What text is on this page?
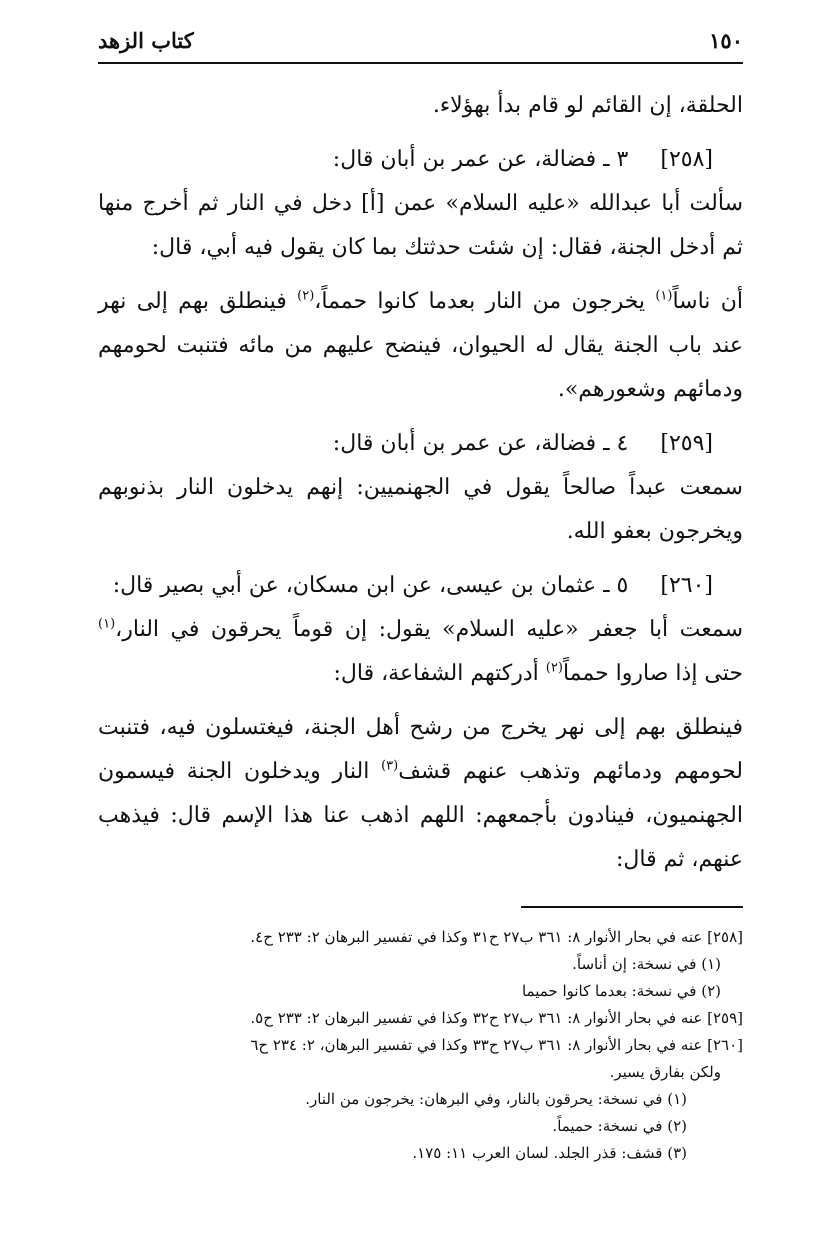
١٥٠
كتاب الزهد

الحلقة، إن القائم لو قام بدأ بهؤلاء.

[٢٥٨]٣ ـ فضالة، عن عمر بن أبان قال:

سألت أبا عبدالله «عليه السلام» عمن [أ] دخل في النار ثم أخرج منها ثم أدخل الجنة، فقال: إن شئت حدثتك بما كان يقول فيه أبي، قال:

أن ناساً$^{(١)}$ يخرجون من النار بعدما كانوا حمماً،$^{(٢)}$ فينطلق بهم إلى نهر عند باب الجنة يقال له الحيوان، فينضح عليهم من مائه فتنبت لحومهم ودمائهم وشعورهم».

[٢٥٩]٤ ـ فضالة، عن عمر بن أبان قال:

سمعت عبداً صالحاً يقول في الجهنميين: إنهم يدخلون النار بذنوبهم ويخرجون بعفو الله.

[٢٦٠]٥ ـ عثمان بن عيسى، عن ابن مسكان، عن أبي بصير قال:

سمعت أبا جعفر «عليه السلام» يقول: إن قوماً يحرقون في النار،$^{(١)}$ حتى إذا صاروا حمماً$^{(٢)}$ أدركتهم الشفاعة، قال:

فينطلق بهم إلى نهر يخرج من رشح أهل الجنة، فيغتسلون فيه، فتنبت لحومهم ودمائهم وتذهب عنهم قشف$^{(٣)}$ النار ويدخلون الجنة فيسمون الجهنميون، فينادون بأجمعهم: اللهم اذهب عنا هذا الإسم قال: فيذهب عنهم، ثم قال:

[٢٥٨] عنه في بحار الأنوار ٨: ٣٦١ ب٢٧ ح٣١ وكذا في تفسير البرهان ٢: ٢٣٣ ح٤.

(١) في نسخة: إن أناساً.

(٢) في نسخة: بعدما كانوا حميما

[٢٥٩] عنه في بحار الأنوار ٨: ٣٦١ ب٢٧ ح٣٢ وكذا في تفسير البرهان ٢: ٢٣٣ ح٥.

[٢٦٠] عنه في بحار الأنوار ٨: ٣٦١ ب٢٧ ح٣٣ وكذا في تفسير البرهان، ٢: ٢٣٤ ح٦

ولكن بفارق يسير.

(١) في نسخة: يحرقون بالنار، وفي البرهان: يخرجون من النار.

(٢) في نسخة: حميماً.

(٣) قشف: قذر الجلد. لسان العرب ١١: ١٧٥.
